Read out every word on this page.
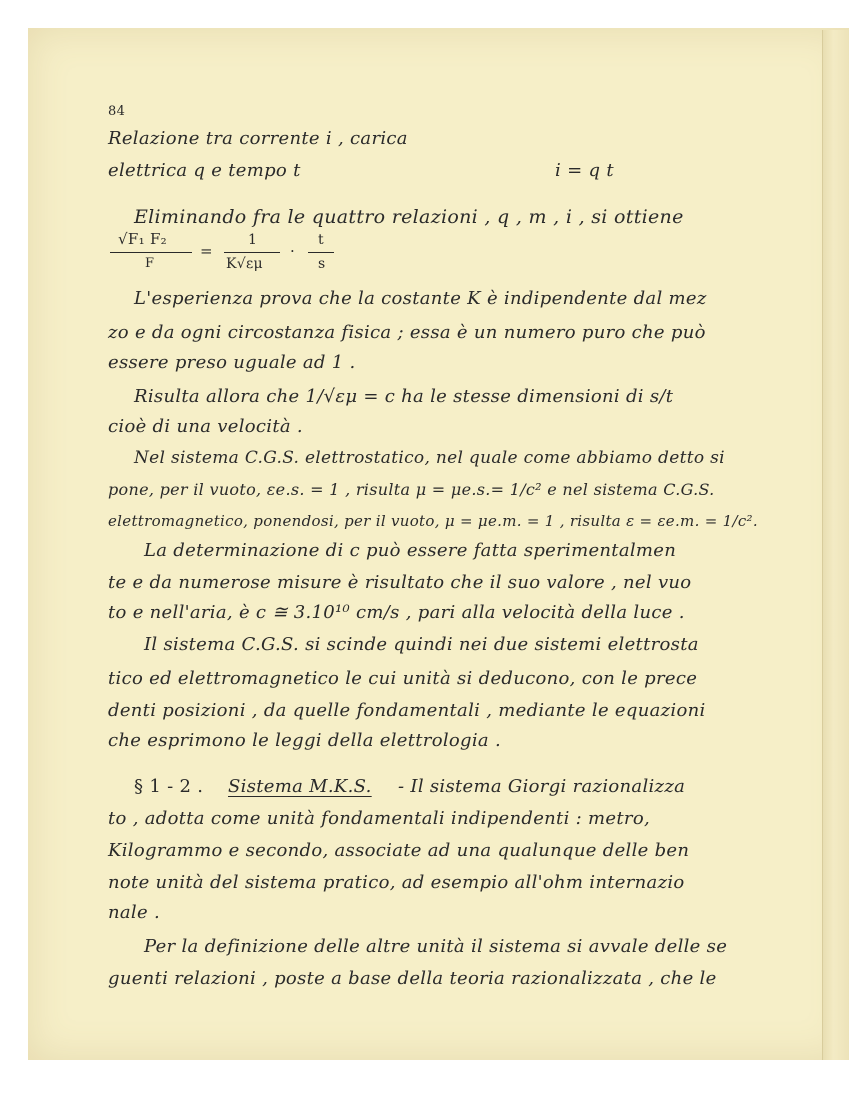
84
Relazione tra corrente i , carica
elettrica q e tempo t	i = q t
Eliminando fra le quattro relazioni , q , m , i , si ottiene
√F₁ F₂
F
=
1
K√εμ
·
t
s
L'esperienza prova che la costante K è indipendente dal mez
zo e da ogni circostanza fisica ; essa è un numero puro che può
essere preso uguale ad 1 .
Risulta allora che 1/√εμ = c ha le stesse dimensioni di s/t
cioè di una velocità .
Nel sistema C.G.S. elettrostatico, nel quale come abbiamo detto si
pone, per il vuoto, εe.s. = 1 , risulta μ = μe.s.= 1/c² e nel sistema C.G.S.
elettromagnetico, ponendosi, per il vuoto, μ = μe.m. = 1 , risulta ε = εe.m. = 1/c².
La determinazione di c può essere fatta sperimentalmen
te e da numerose misure è risultato che il suo valore , nel vuo
to e nell'aria, è c ≅ 3.10¹⁰ cm/s , pari alla velocità della luce .
Il sistema C.G.S. si scinde quindi nei due sistemi elettrosta
tico ed elettromagnetico le cui unità si deducono, con le prece
denti posizioni , da quelle fondamentali , mediante le equazioni
che esprimono le leggi della elettrologia .
§ 1 - 2 . Sistema M.K.S. - Il sistema Giorgi razionalizza
to , adotta come unità fondamentali indipendenti : metro,
Kilogrammo e secondo, associate ad una qualunque delle ben
note unità del sistema pratico, ad esempio all'ohm internazio
nale .
Per la definizione delle altre unità il sistema si avvale delle se
guenti relazioni , poste a base della teoria razionalizzata , che le
